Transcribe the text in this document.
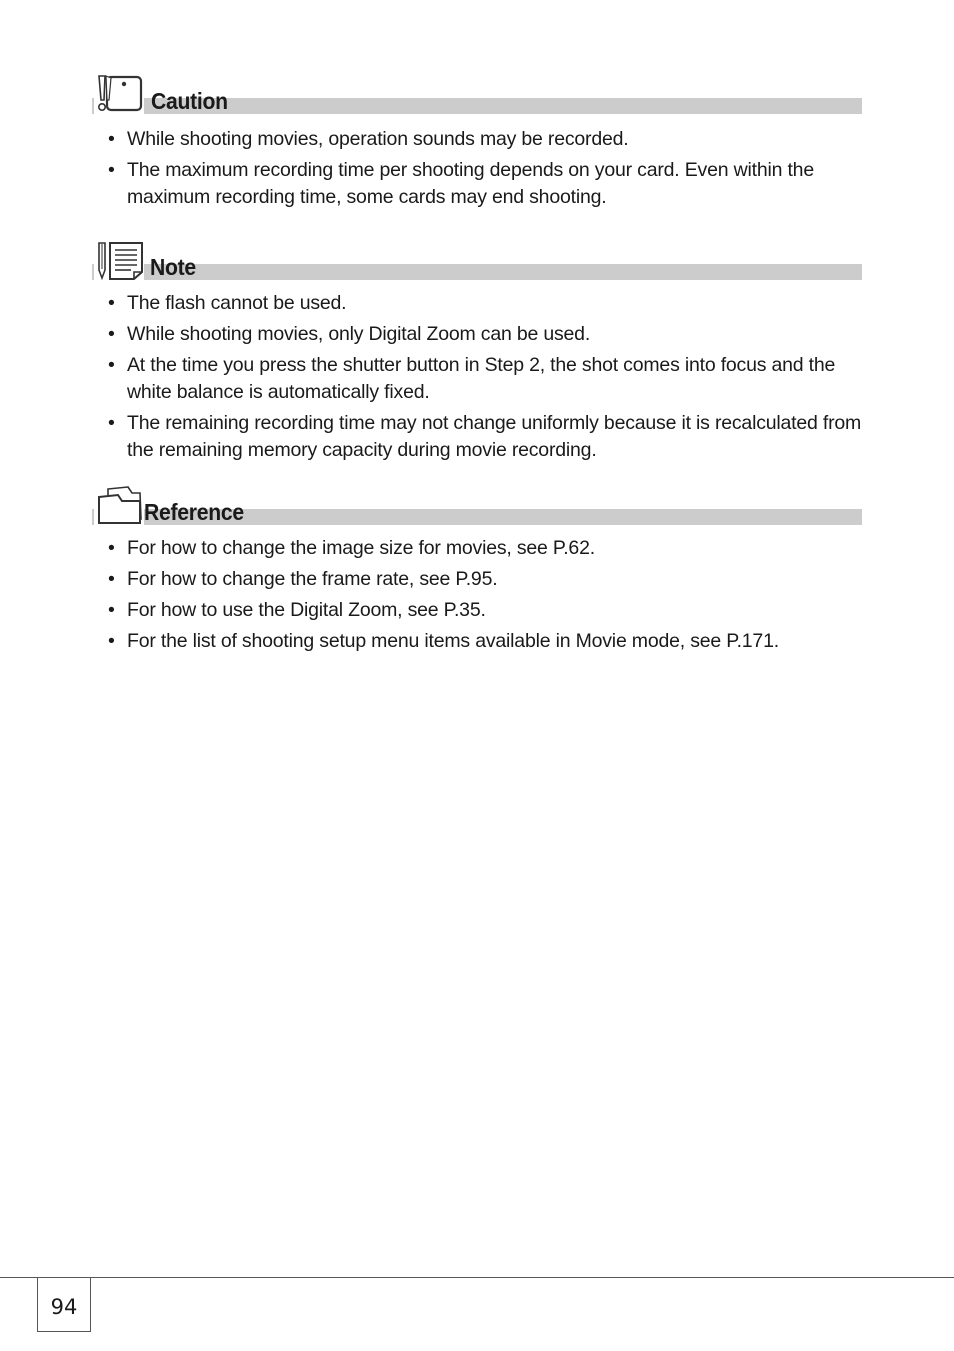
Caution
• While shooting movies, operation sounds may be recorded.
• The maximum recording time per shooting depends on your card. Even within the maximum recording time, some cards may end shooting.
Note
• The flash cannot be used.
• While shooting movies, only Digital Zoom can be used.
• At the time you press the shutter button in Step 2, the shot comes into focus and the white balance is automatically fixed.
• The remaining recording time may not change uniformly because it is recalculated from the remaining memory capacity during movie recording.
Reference
• For how to change the image size for movies, see P.62.
• For how to change the frame rate, see P.95.
• For how to use the Digital Zoom, see P.35.
• For the list of shooting setup menu items available in Movie mode, see P.171.
94
